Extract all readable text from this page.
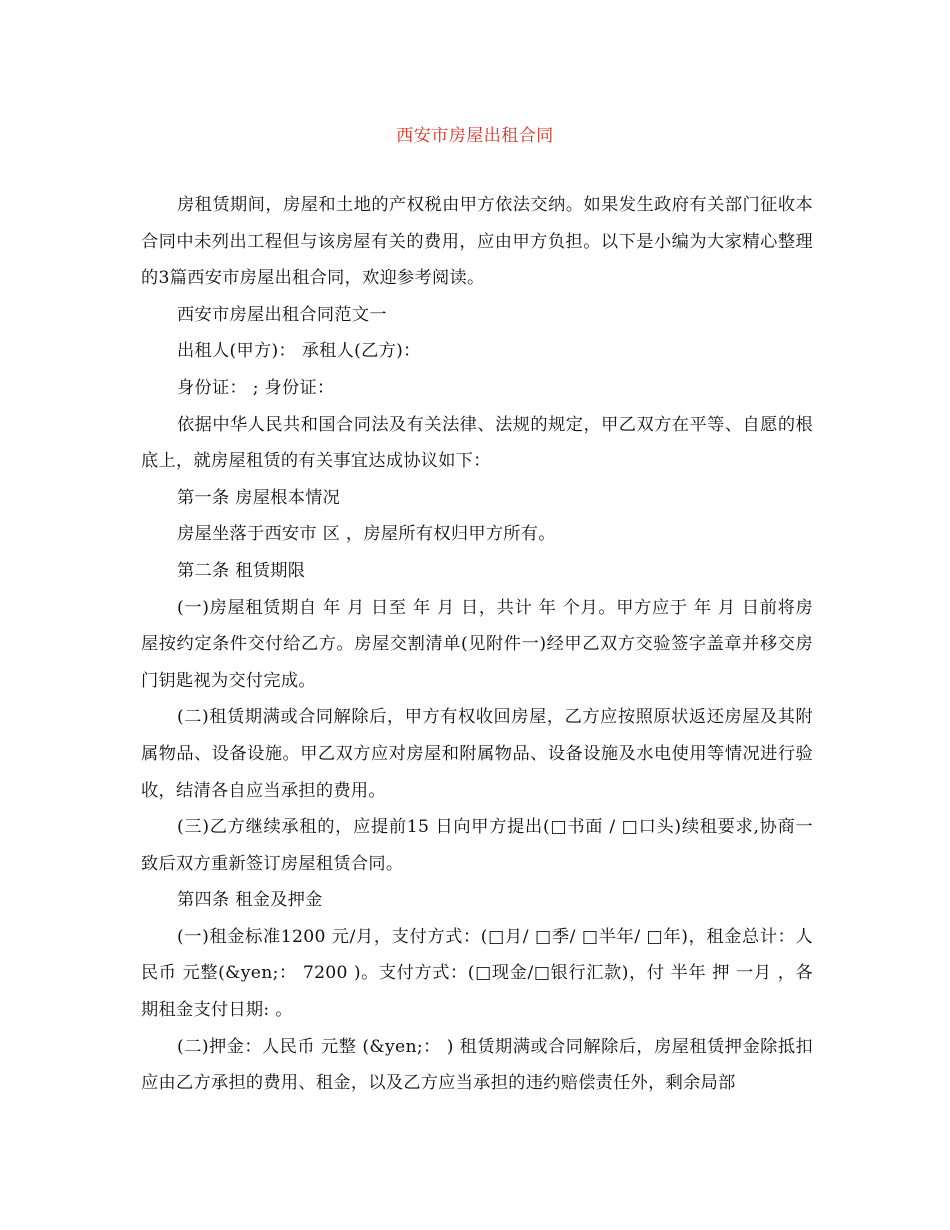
西安市房屋出租合同

房租赁期间，房屋和土地的产权税由甲方依法交纳。如果发生政府有关部门征收本合同中未列出工程但与该房屋有关的费用，应由甲方负担。以下是小编为大家精心整理的3篇西安市房屋出租合同，欢迎参考阅读。

西安市房屋出租合同范文一

出租人(甲方)： 承租人(乙方)：

身份证： ; 身份证：

依据中华人民共和国合同法及有关法律、法规的规定，甲乙双方在平等、自愿的根底上，就房屋租赁的有关事宜达成协议如下：

第一条 房屋根本情况

房屋坐落于西安市 区 ，房屋所有权归甲方所有。

第二条 租赁期限

(一)房屋租赁期自 年 月 日至 年 月 日，共计 年 个月。甲方应于 年 月 日前将房屋按约定条件交付给乙方。房屋交割清单(见附件一)经甲乙双方交验签字盖章并移交房门钥匙视为交付完成。

(二)租赁期满或合同解除后，甲方有权收回房屋，乙方应按照原状返还房屋及其附属物品、设备设施。甲乙双方应对房屋和附属物品、设备设施及水电使用等情况进行验收，结清各自应当承担的费用。

(三)乙方继续承租的，应提前15 日向甲方提出(□书面 / □口头)续租要求,协商一致后双方重新签订房屋租赁合同。

第四条 租金及押金

(一)租金标准1200 元/月，支付方式：(□月/ □季/ □半年/ □年)，租金总计：人民币 元整(&yen;： 7200 )。支付方式：(□现金/□银行汇款)，付 半年 押 一月 ，各期租金支付日期: 。

(二)押金：人民币 元整 (&yen;： ) 租赁期满或合同解除后，房屋租赁押金除抵扣应由乙方承担的费用、租金，以及乙方应当承担的违约赔偿责任外，剩余局部
